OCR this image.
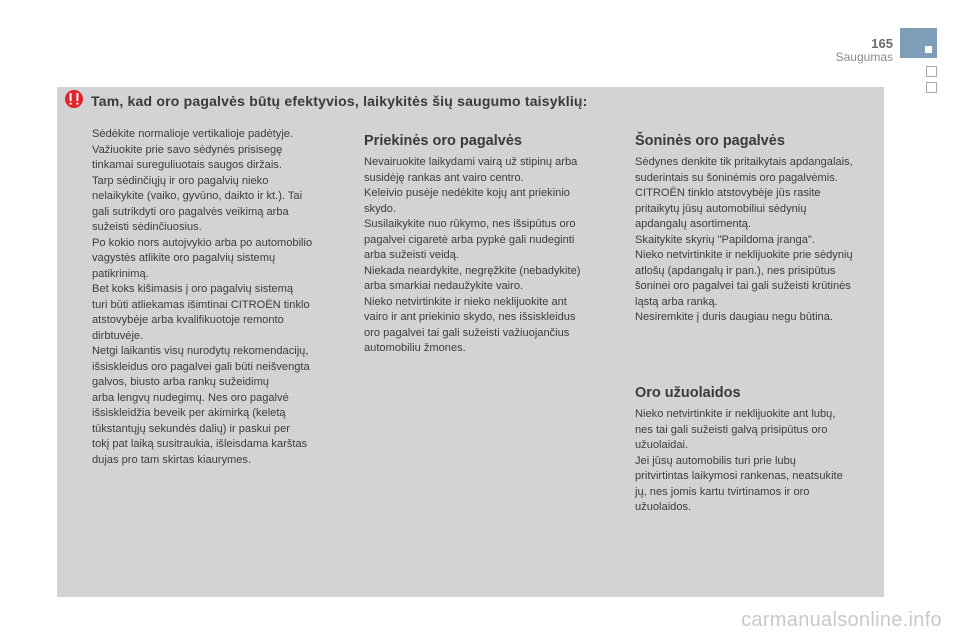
165
Saugumas
Tam, kad oro pagalvės būtų efektyvios, laikykitės šių saugumo taisyklių:

Sėdėkite normalioje vertikalioje padėtyje.

Važiuokite prie savo sėdynės prisisegę

tinkamai sureguliuotais saugos diržais.

Tarp sėdinčiųjų ir oro pagalvių nieko

nelaikykite (vaiko, gyvūno, daikto ir kt.). Tai

gali sutrikdyti oro pagalvės veikimą arba

sužeisti sėdinčiuosius.

Po kokio nors autojvykio arba po automobilio

vagystės atlikite oro pagalvių sistemų

patikrinimą.

Bet koks kišimasis į oro pagalvių sistemą

turi būti atliekamas išimtinai CITROËN tinklo

atstovybėje arba kvalifikuotoje remonto

dirbtuvėje.

Netgi laikantis visų nurodytų rekomendacijų,

išsiskleidus oro pagalvei gali būti neišvengta

galvos, biusto arba rankų sužeidimų

arba lengvų nudegimų. Nes oro pagalvė

išsiskleidžia beveik per akimirką (keletą

tūkstantųjų sekundės dalių) ir paskui per

tokį pat laiką susitraukia, išleisdama karštas

dujas pro tam skirtas kiaurymes.

Priekinės oro pagalvės

Nevairuokite laikydami vairą už stipinų arba

susidėję rankas ant vairo centro.

Keleivio pusėje nedėkite kojų ant priekinio

skydo.

Susilaikykite nuo rūkymo, nes išsipūtus oro

pagalvei cigaretė arba pypkė gali nudeginti

arba sužeisti veidą.

Niekada neardykite, negręžkite (nebadykite)

arba smarkiai nedaužykite vairo.

Nieko netvirtinkite ir nieko neklijuokite ant

vairo ir ant priekinio skydo, nes išsiskleidus

oro pagalvei tai gali sužeisti važiuojančius

automobiliu žmones.

Šoninės oro pagalvės

Sėdynes denkite tik pritaikytais apdangalais,

suderintais su šoninėmis oro pagalvėmis.

CITROËN tinklo atstovybėje jūs rasite

pritaikytų jūsų automobiliui sėdynių

apdangalų asortimentą.

Skaitykite skyrių "Papildoma įranga".

Nieko netvirtinkite ir neklijuokite prie sėdynių

atlošų (apdangalų ir pan.), nes prisipūtus

šoninei oro pagalvei tai gali sužeisti krūtinės

ląstą arba ranką.

Nesiremkite į duris daugiau negu būtina.

Oro užuolaidos

Nieko netvirtinkite ir neklijuokite ant lubų,

nes tai gali sužeisti galvą prisipūtus oro

užuolaidai.

Jei jūsų automobilis turi prie lubų

pritvirtintas laikymosi rankenas, neatsukite

jų, nes jomis kartu tvirtinamos ir oro

užuolaidos.

carmanualsonline.info
